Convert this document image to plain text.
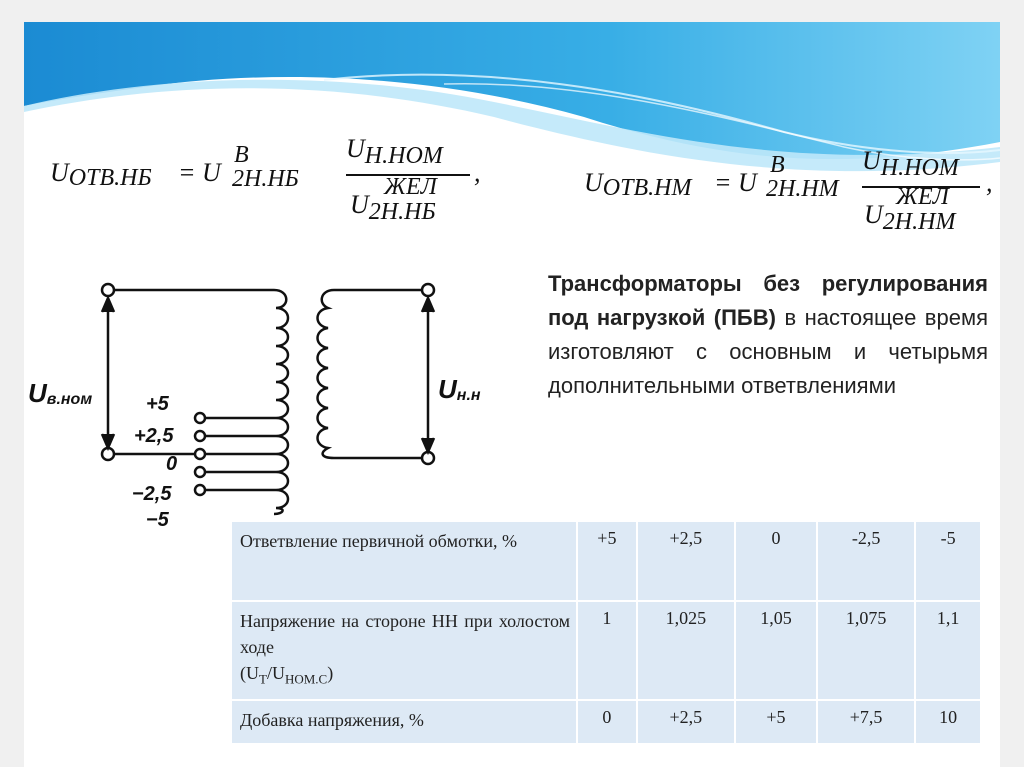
UОТВ.НБ = U
В
2Н.НБ
UН.НОМ
ЖЕЛ
U2Н.НБ
,	UОТВ.НМ = U
В
2Н.НМ
UН.НОМ
ЖЕЛ
U2Н.НМ
,
Uв.ном	Uн.н
+5
+2,5
0
−2,5
−5
Трансформаторы без регулирования под нагрузкой (ПБВ) в настоящее время изготовляют с основным и четырьмя дополнительными ответвлениями
Ответвление первичной обмотки, %	+5	+2,5	0	-2,5	-5
Напряжение на стороне НН при холостом ходе
$(U_Т/U_{НОМ.С})$	1	1,025	1,05	1,075	1,1
Добавка напряжения, %	0	+2,5	+5	+7,5	10
